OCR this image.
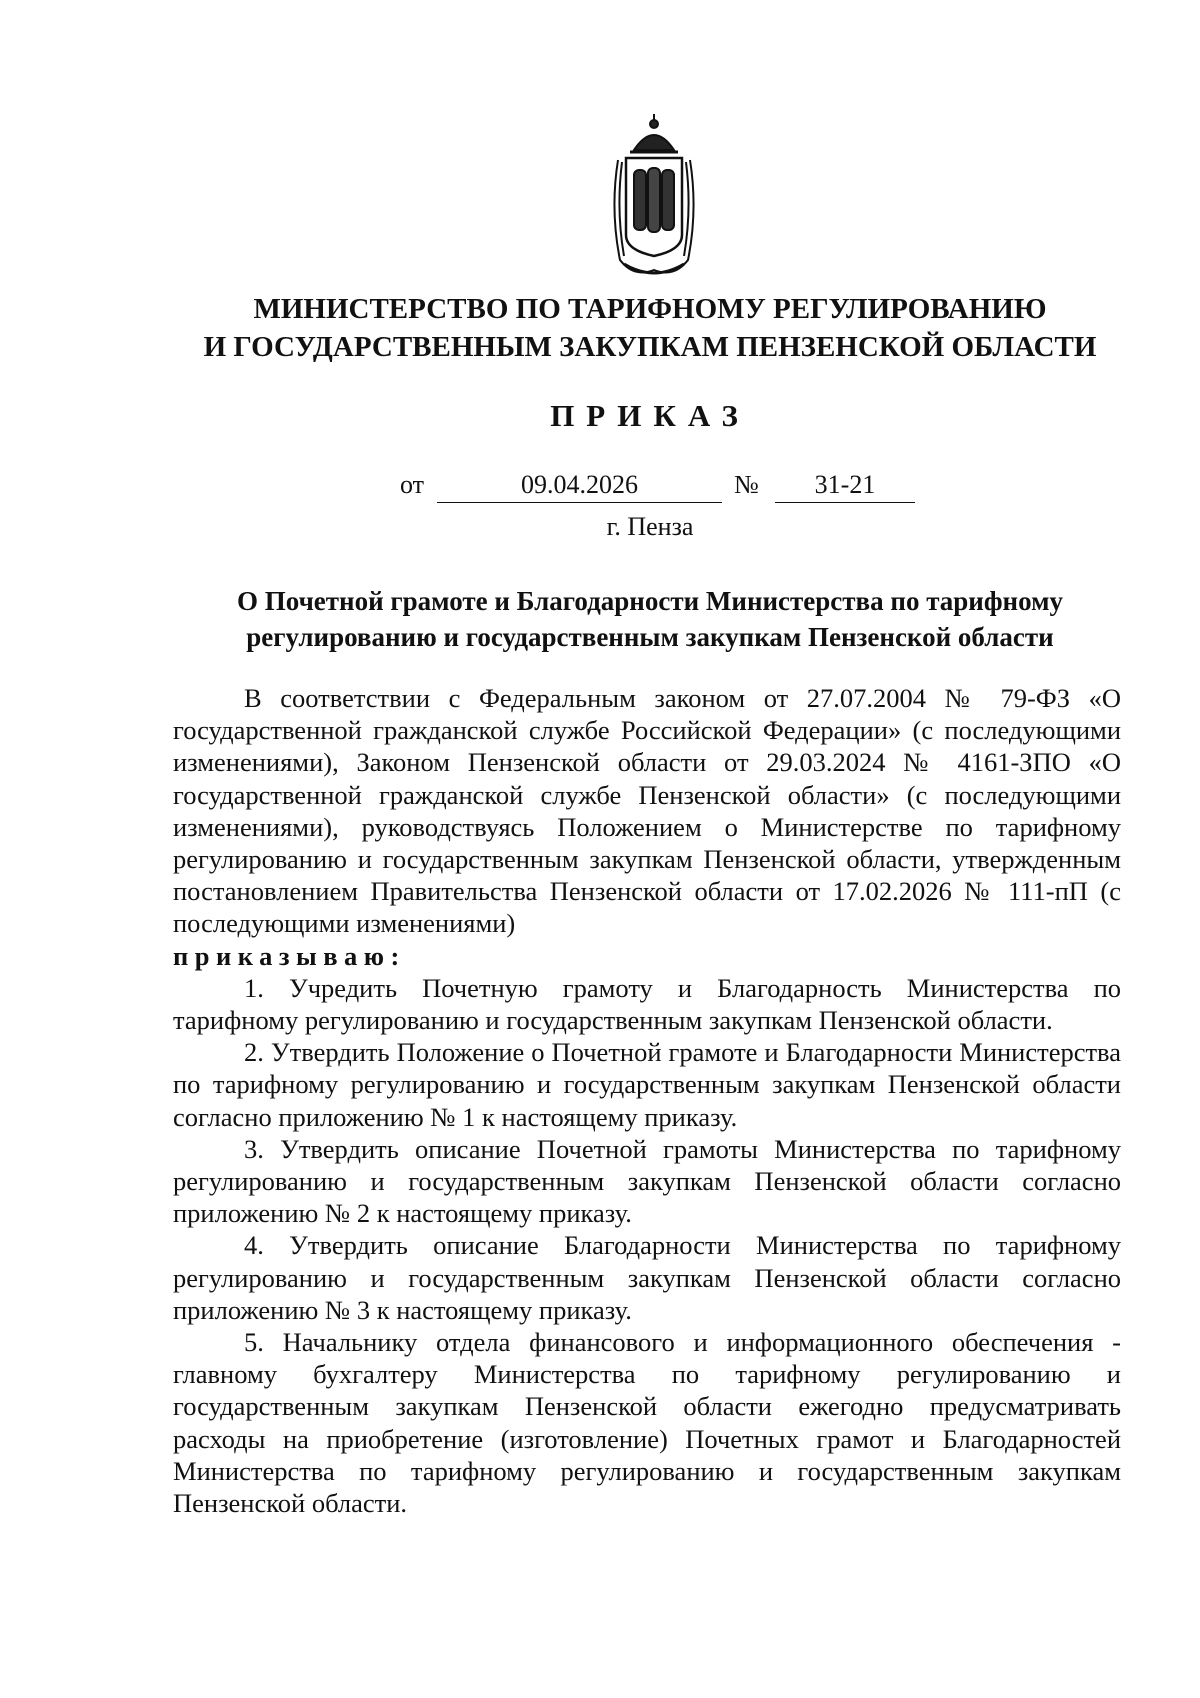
МИНИСТЕРСТВО ПО ТАРИФНОМУ РЕГУЛИРОВАНИЮ
И ГОСУДАРСТВЕННЫМ ЗАКУПКАМ ПЕНЗЕНСКОЙ ОБЛАСТИ
ПРИКАЗ
от	09.04.2026	№	31-21
г. Пенза
О Почетной грамоте и Благодарности Министерства по тарифному
регулированию и государственным закупкам Пензенской области

В соответствии с Федеральным законом от 27.07.2004 № 79-ФЗ «О государственной гражданской службе Российской Федерации» (с последующими изменениями), Законом Пензенской области от 29.03.2024 № 4161-ЗПО «О государственной гражданской службе Пензенской области» (с последующими изменениями), руководствуясь Положением о Министерстве по тарифному регулированию и государственным закупкам Пензенской области, утвержденным постановлением Правительства Пензенской области от 17.02.2026 № 111-пП (с последующими изменениями)

приказываю:

1. Учредить Почетную грамоту и Благодарность Министерства по тарифному регулированию и государственным закупкам Пензенской области.

2. Утвердить Положение о Почетной грамоте и Благодарности Министерства по тарифному регулированию и государственным закупкам Пензенской области согласно приложению № 1 к настоящему приказу.

3. Утвердить описание Почетной грамоты Министерства по тарифному регулированию и государственным закупкам Пензенской области согласно приложению № 2 к настоящему приказу.

4. Утвердить описание Благодарности Министерства по тарифному регулированию и государственным закупкам Пензенской области согласно приложению № 3 к настоящему приказу.

5. Начальнику отдела финансового и информационного обеспечения - главному бухгалтеру Министерства по тарифному регулированию и государственным закупкам Пензенской области ежегодно предусматривать расходы на приобретение (изготовление) Почетных грамот и Благодарностей Министерства по тарифному регулированию и государственным закупкам Пензенской области.
